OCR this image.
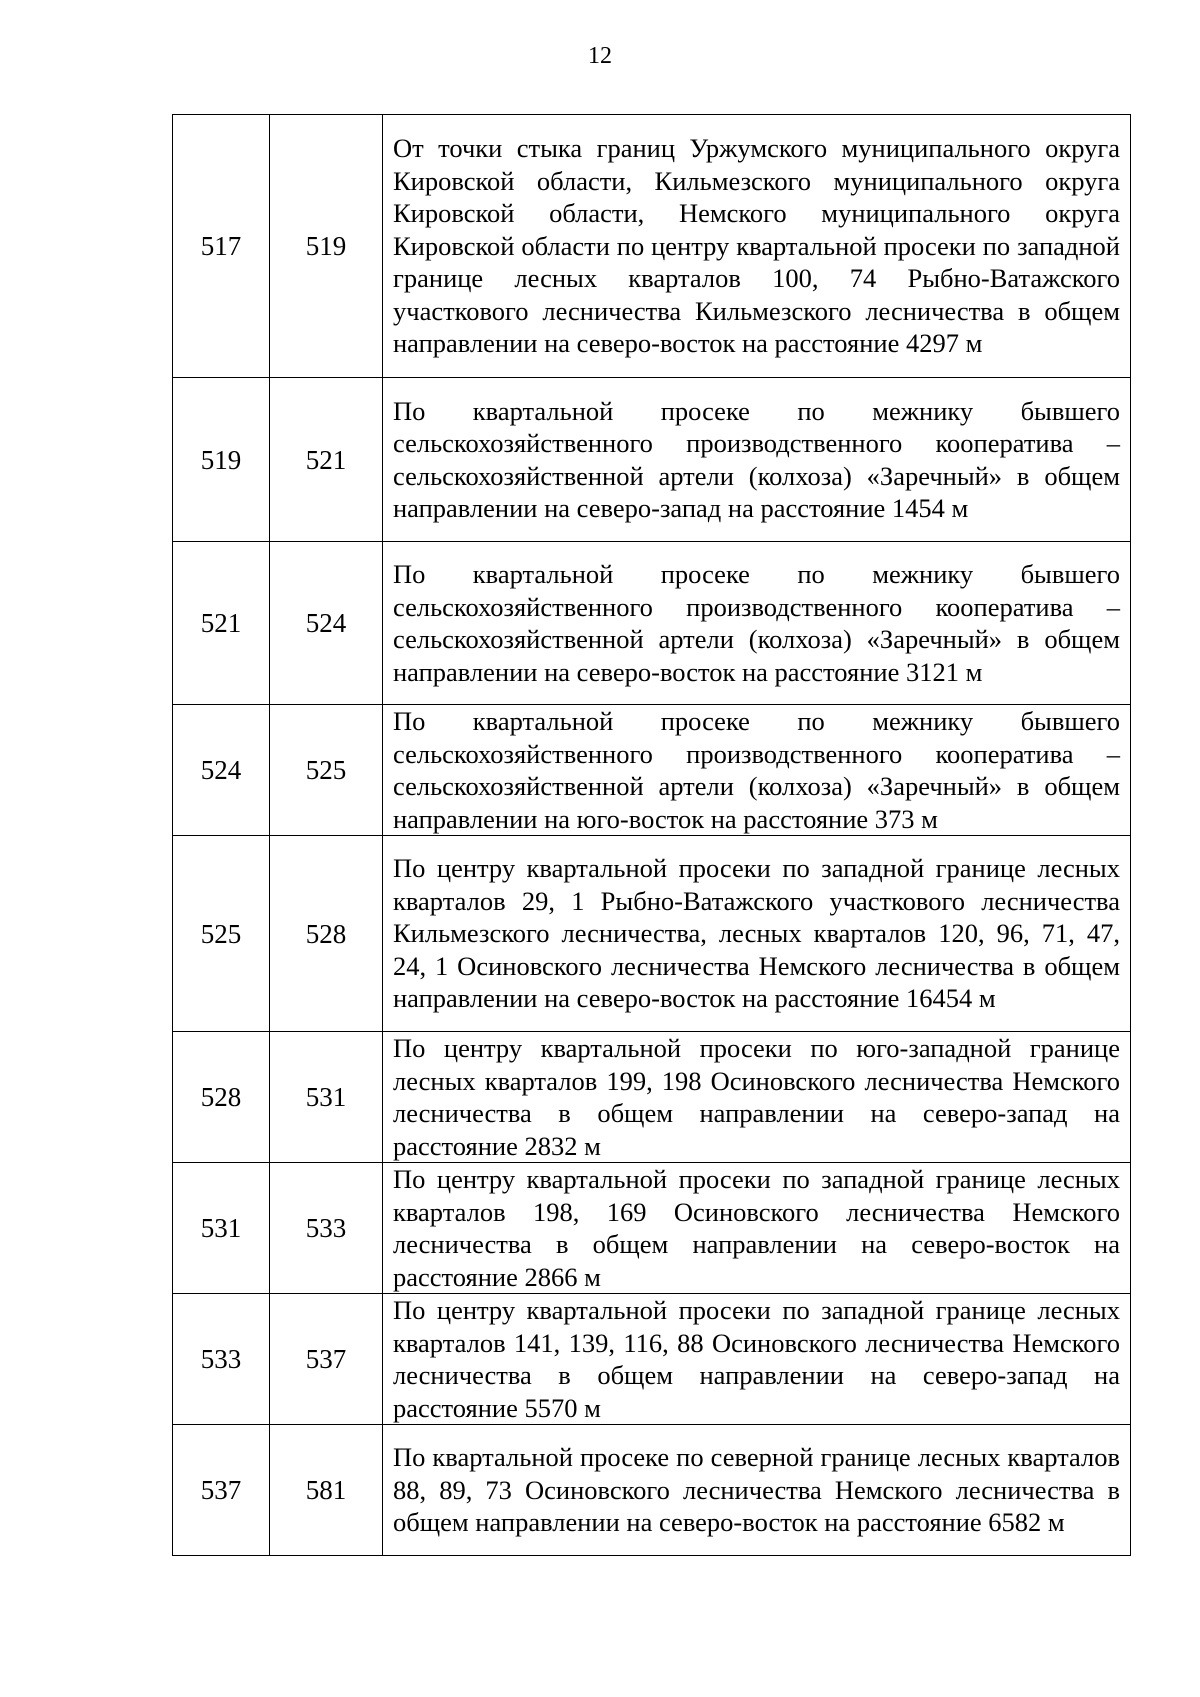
12
517	519	От точки стыка границ Уржумского муниципального округа Кировской области, Кильмезского муниципального округа Кировской области, Немского муниципального округа Кировской области по центру квартальной просеки по западной границе лесных кварталов 100, 74 Рыбно-Ватажского участкового лесничества Кильмезского лесничества в общем направлении на северо-восток на расстояние 4297 м
519	521	По квартальной просеке по межнику бывшего сельскохозяйственного производственного кооператива – сельскохозяйственной артели (колхоза) «Заречный» в общем направлении на северо-запад на расстояние 1454 м
521	524	По квартальной просеке по межнику бывшего сельскохозяйственного производственного кооператива – сельскохозяйственной артели (колхоза) «Заречный» в общем направлении на северо-восток на расстояние 3121 м
524	525	По квартальной просеке по межнику бывшего сельскохозяйственного производственного кооператива – сельскохозяйственной артели (колхоза) «Заречный» в общем направлении на юго-восток на расстояние 373 м
525	528	По центру квартальной просеки по западной границе лесных кварталов 29, 1 Рыбно-Ватажского участкового лесничества Кильмезского лесничества, лесных кварталов 120, 96, 71, 47, 24, 1 Осиновского лесничества Немского лесничества в общем направлении на северо-восток на расстояние 16454 м
528	531	По центру квартальной просеки по юго-западной границе лесных кварталов 199, 198 Осиновского лесничества Немского лесничества в общем направлении на северо-запад на расстояние 2832 м
531	533	По центру квартальной просеки по западной границе лесных кварталов 198, 169 Осиновского лесничества Немского лесничества в общем направлении на северо-восток на расстояние 2866 м
533	537	По центру квартальной просеки по западной границе лесных кварталов 141, 139, 116, 88 Осиновского лесничества Немского лесничества в общем направлении на северо-запад на расстояние 5570 м
537	581	По квартальной просеке по северной границе лесных кварталов 88, 89, 73 Осиновского лесничества Немского лесничества в общем направлении на северо-восток на расстояние 6582 м
